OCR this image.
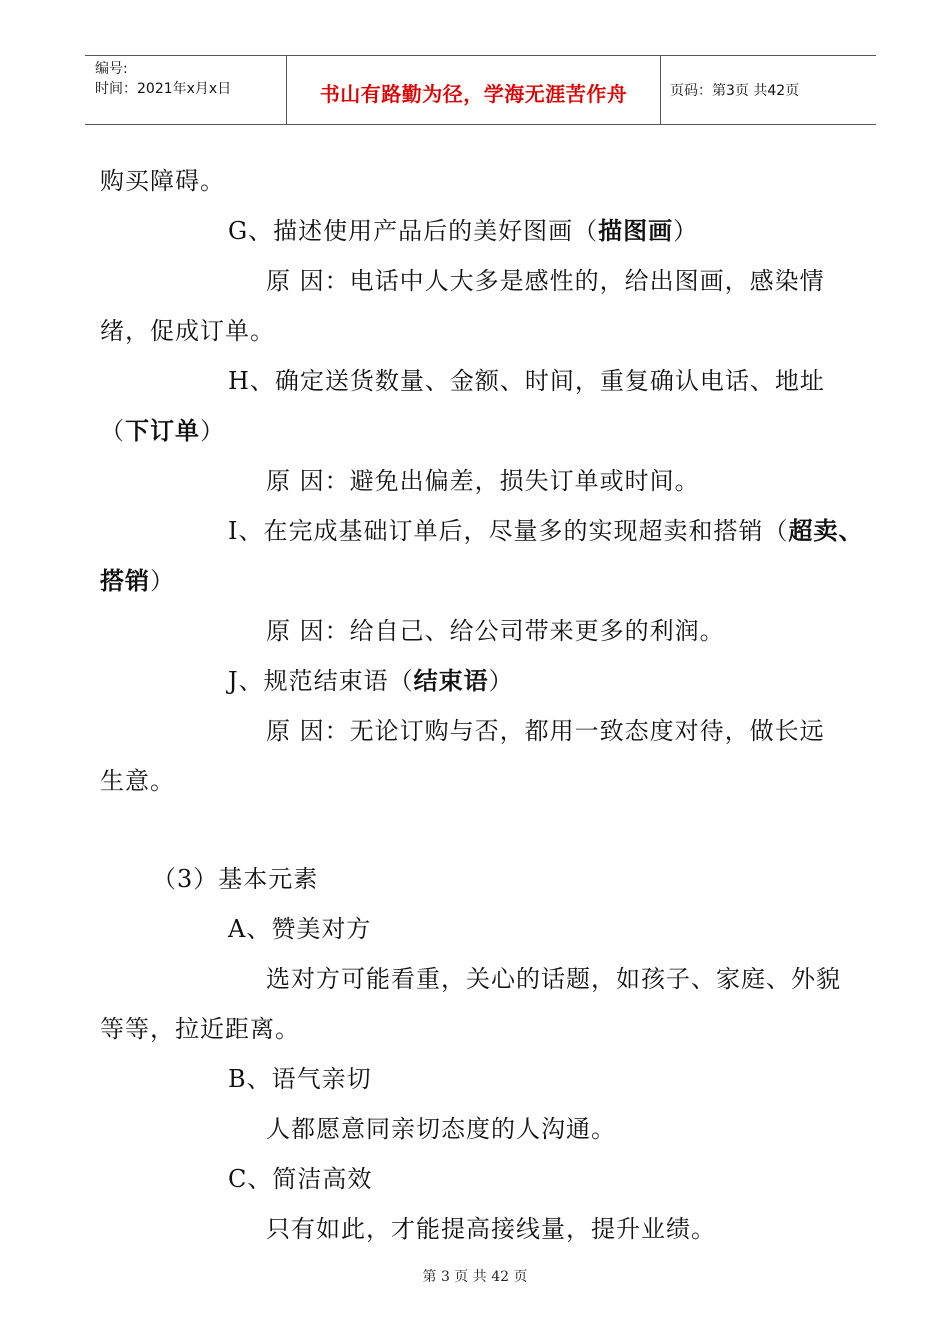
编号:
时间：2021年x月x日	书山有路勤为径，学海无涯苦作舟	页码：第3页 共42页
购买障碍。
G、描述使用产品后的美好图画（描图画）
原 因：电话中人大多是感性的，给出图画，感染情
绪，促成订单。
H、确定送货数量、金额、时间，重复确认电话、地址
（下订单）
原 因：避免出偏差，损失订单或时间。
I、在完成基础订单后，尽量多的实现超卖和搭销（超卖、
搭销）
原 因：给自己、给公司带来更多的利润。
J、规范结束语（结束语）
原 因：无论订购与否，都用一致态度对待，做长远
生意。
（3）基本元素
A、赞美对方
选对方可能看重，关心的话题，如孩子、家庭、外貌
等等，拉近距离。
B、语气亲切
人都愿意同亲切态度的人沟通。
C、简洁高效
只有如此，才能提高接线量，提升业绩。
第 3 页 共 42 页
